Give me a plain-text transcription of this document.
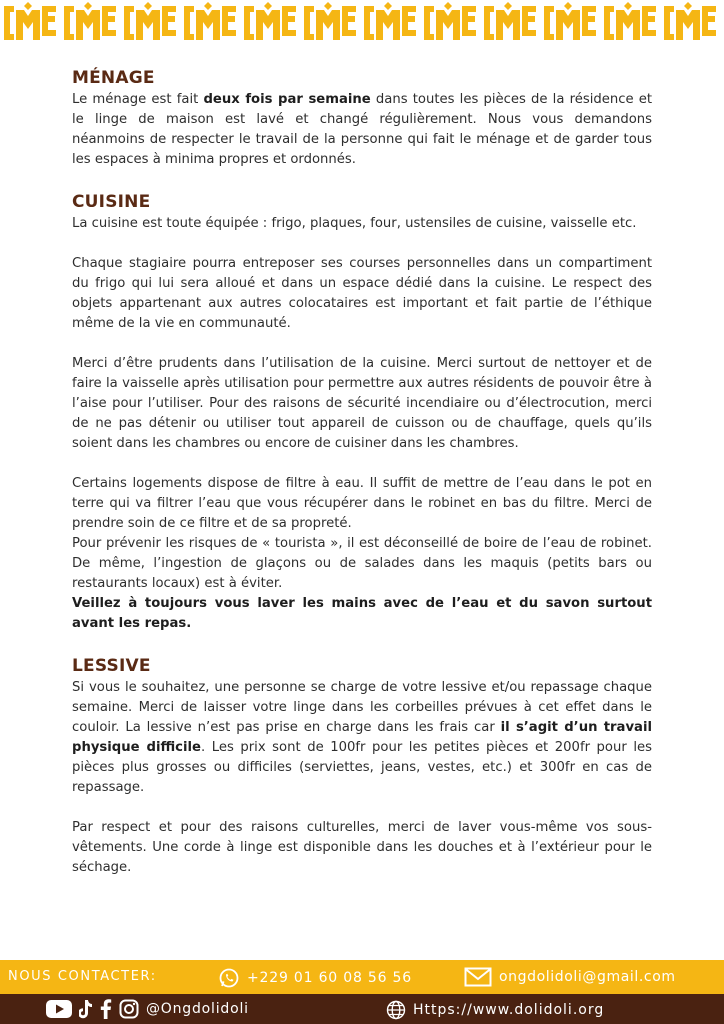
MÉNAGE

Le ménage est fait deux fois par semaine dans toutes les pièces de la résidence et le linge de maison est lavé et changé régulièrement. Nous vous demandons néanmoins de respecter le travail de la personne qui fait le ménage et de garder tous les espaces à minima propres et ordonnés.

CUISINE

La cuisine est toute équipée : frigo, plaques, four, ustensiles de cuisine, vaisselle etc.

Chaque stagiaire pourra entreposer ses courses personnelles dans un compartiment du frigo qui lui sera alloué et dans un espace dédié dans la cuisine. Le respect des objets appartenant aux autres colocataires est important et fait partie de l’éthique même de la vie en communauté.

Merci d’être prudents dans l’utilisation de la cuisine. Merci surtout de nettoyer et de faire la vaisselle après utilisation pour permettre aux autres résidents de pouvoir être à l’aise pour l’utiliser. Pour des raisons de sécurité incendiaire ou d’électrocution, merci de ne pas détenir ou utiliser tout appareil de cuisson ou de chauffage, quels qu’ils soient dans les chambres ou encore de cuisiner dans les chambres.

Certains logements dispose de filtre à eau. Il suffit de mettre de l’eau dans le pot en terre qui va filtrer l’eau que vous récupérer dans le robinet en bas du filtre. Merci de prendre soin de ce filtre et de sa propreté.

Pour prévenir les risques de « tourista », il est déconseillé de boire de l’eau de robinet. De même, l’ingestion de glaçons ou de salades dans les maquis (petits bars ou restaurants locaux) est à éviter.

Veillez à toujours vous laver les mains avec de l’eau et du savon surtout avant les repas.

LESSIVE

Si vous le souhaitez, une personne se charge de votre lessive et/ou repassage chaque semaine. Merci de laisser votre linge dans les corbeilles prévues à cet effet dans le couloir. La lessive n’est pas prise en charge dans les frais car il s’agit d’un travail physique difficile. Les prix sont de 100fr pour les petites pièces et 200fr pour les pièces plus grosses ou difficiles (serviettes, jeans, vestes, etc.) et 300fr en cas de repassage.

Par respect et pour des raisons culturelles, merci de laver vous-même vos sous-vêtements. Une corde à linge est disponible dans les douches et à l’extérieur pour le séchage.

NOUS CONTACTER:	+229 01 60 08 56 56	ongdolidoli@gmail.com
@Ongdolidoli	Https://www.dolidoli.org
